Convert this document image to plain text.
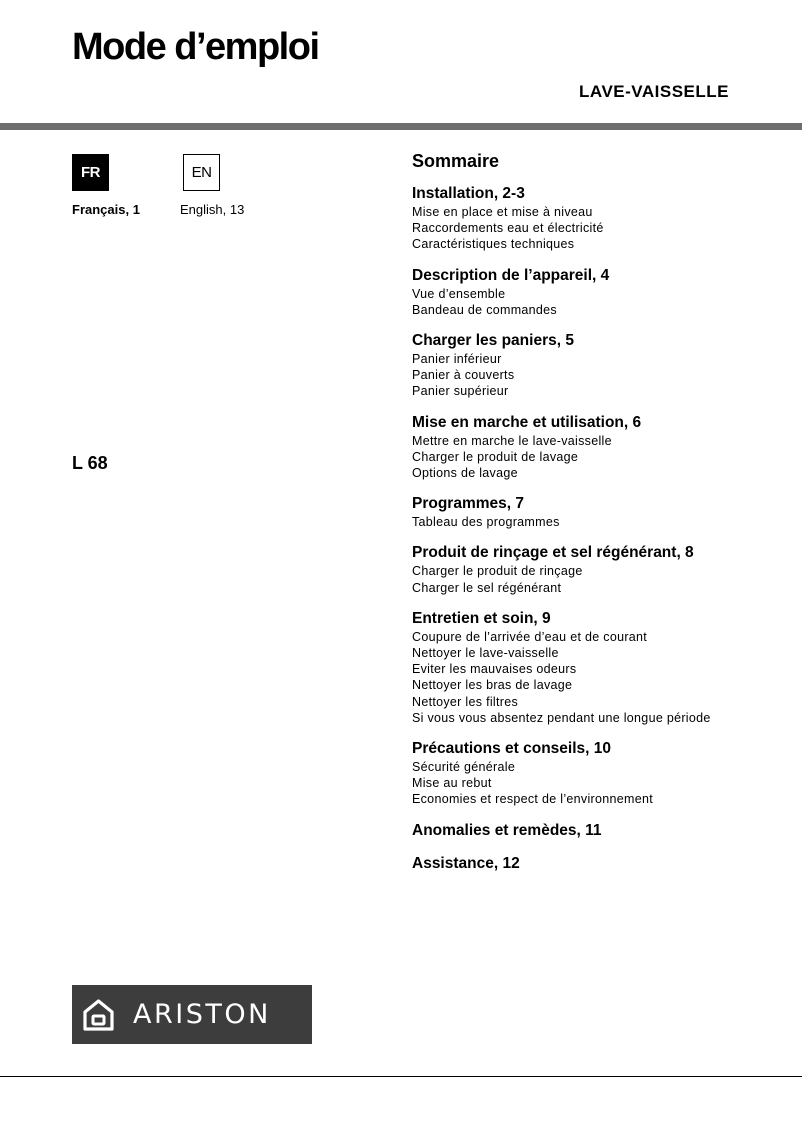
Mode d’emploi
LAVE-VAISSELLE
FR
Français, 1
EN
English, 13
L 68
Sommaire
Installation, 2-3
Mise en place et mise à niveau
Raccordements eau et électricité
Caractéristiques techniques
Description de l’appareil, 4
Vue d’ensemble
Bandeau de commandes
Charger les paniers, 5
Panier inférieur
Panier à couverts
Panier supérieur
Mise en marche et utilisation, 6
Mettre en marche le lave-vaisselle
Charger le produit de lavage
Options de lavage
Programmes, 7
Tableau des programmes
Produit de rinçage et sel régénérant, 8
Charger le produit de rinçage
Charger le sel régénérant
Entretien et soin, 9
Coupure de l’arrivée d’eau et de courant
Nettoyer le lave-vaisselle
Eviter les mauvaises odeurs
Nettoyer les bras de lavage
Nettoyer les filtres
Si vous vous absentez pendant une longue période
Précautions et conseils, 10
Sécurité générale
Mise au rebut
Economies et respect de l’environnement
Anomalies et remèdes, 11
Assistance, 12
ARISTON
